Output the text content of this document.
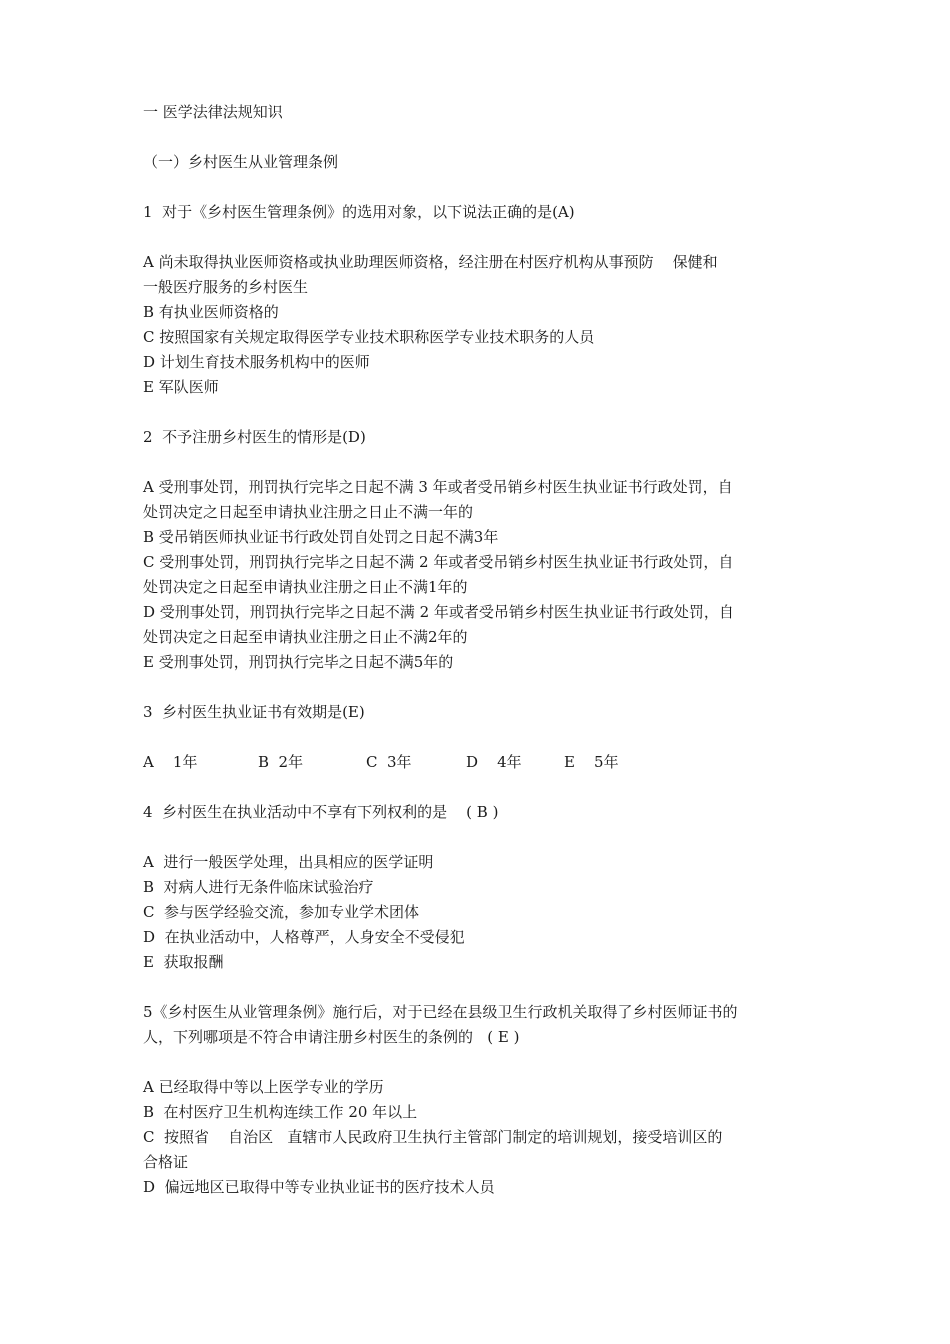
一 医学法律法规知识

（一）乡村医生从业管理条例

1  对于《乡村医生管理条例》的选用对象，以下说法正确的是(A)

A 尚未取得执业医师资格或执业助理医师资格，经注册在村医疗机构从事预防    保健和

一般医疗服务的乡村医生

B 有执业医师资格的

C 按照国家有关规定取得医学专业技术职称医学专业技术职务的人员

D 计划生育技术服务机构中的医师

E 军队医师

2  不予注册乡村医生的情形是(D)

A 受刑事处罚，刑罚执行完毕之日起不满 3 年或者受吊销乡村医生执业证书行政处罚，自

处罚决定之日起至申请执业注册之日止不满一年的

B 受吊销医师执业证书行政处罚自处罚之日起不满3年

C 受刑事处罚，刑罚执行完毕之日起不满 2 年或者受吊销乡村医生执业证书行政处罚，自

处罚决定之日起至申请执业注册之日止不满1年的

D 受刑事处罚，刑罚执行完毕之日起不满 2 年或者受吊销乡村医生执业证书行政处罚，自

处罚决定之日起至申请执业注册之日止不满2年的

E 受刑事处罚，刑罚执行完毕之日起不满5年的

3  乡村医生执业证书有效期是(E)

A    1年	B  2年	C  3年	D    4年	E    5年

4  乡村医生在执业活动中不享有下列权利的是    ( B )

A  进行一般医学处理，出具相应的医学证明

B  对病人进行无条件临床试验治疗

C  参与医学经验交流，参加专业学术团体

D  在执业活动中，人格尊严，人身安全不受侵犯

E  获取报酬

5《乡村医生从业管理条例》施行后，对于已经在县级卫生行政机关取得了乡村医师证书的

人，下列哪项是不符合申请注册乡村医生的条例的   ( E )

A 已经取得中等以上医学专业的学历

B  在村医疗卫生机构连续工作 20 年以上

C  按照省    自治区   直辖市人民政府卫生执行主管部门制定的培训规划，接受培训区的

合格证

D  偏远地区已取得中等专业执业证书的医疗技术人员
